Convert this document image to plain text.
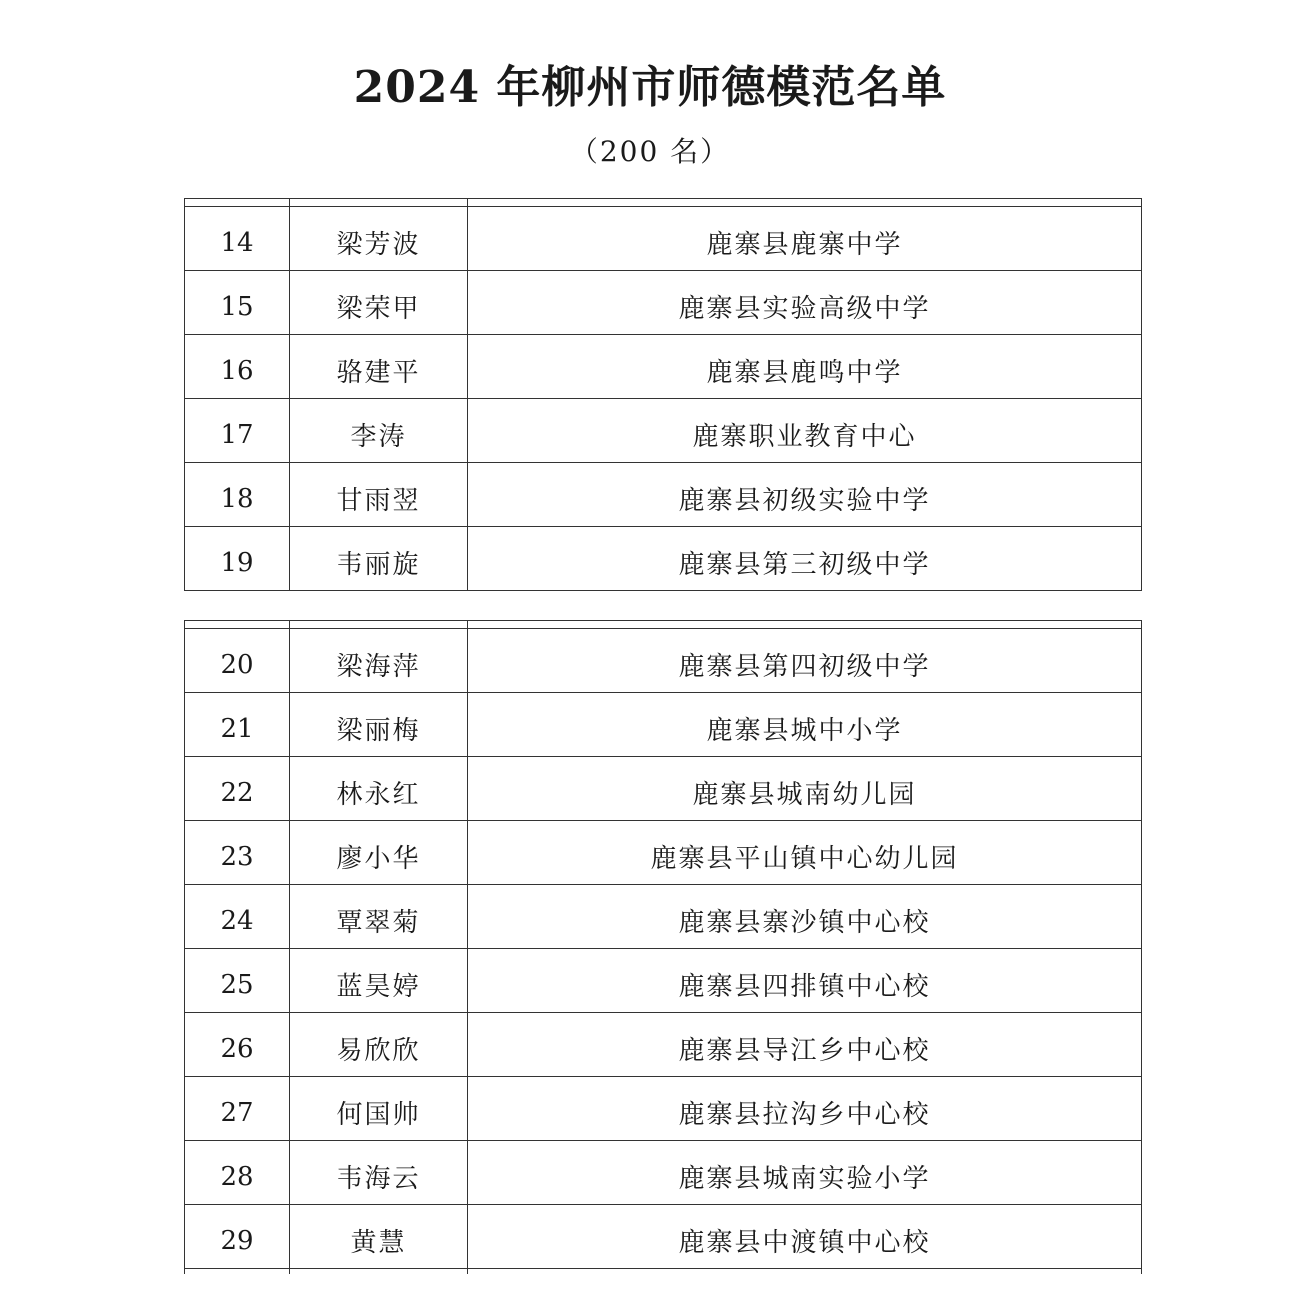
2024 年柳州市师德模范名单
（200 名）
14	梁芳波	鹿寨县鹿寨中学
15	梁荣甲	鹿寨县实验高级中学
16	骆建平	鹿寨县鹿鸣中学
17	李涛	鹿寨职业教育中心
18	甘雨翌	鹿寨县初级实验中学
19	韦丽旋	鹿寨县第三初级中学
20	梁海萍	鹿寨县第四初级中学
21	梁丽梅	鹿寨县城中小学
22	林永红	鹿寨县城南幼儿园
23	廖小华	鹿寨县平山镇中心幼儿园
24	覃翠菊	鹿寨县寨沙镇中心校
25	蓝昊婷	鹿寨县四排镇中心校
26	易欣欣	鹿寨县导江乡中心校
27	何国帅	鹿寨县拉沟乡中心校
28	韦海云	鹿寨县城南实验小学
29	黄慧	鹿寨县中渡镇中心校
